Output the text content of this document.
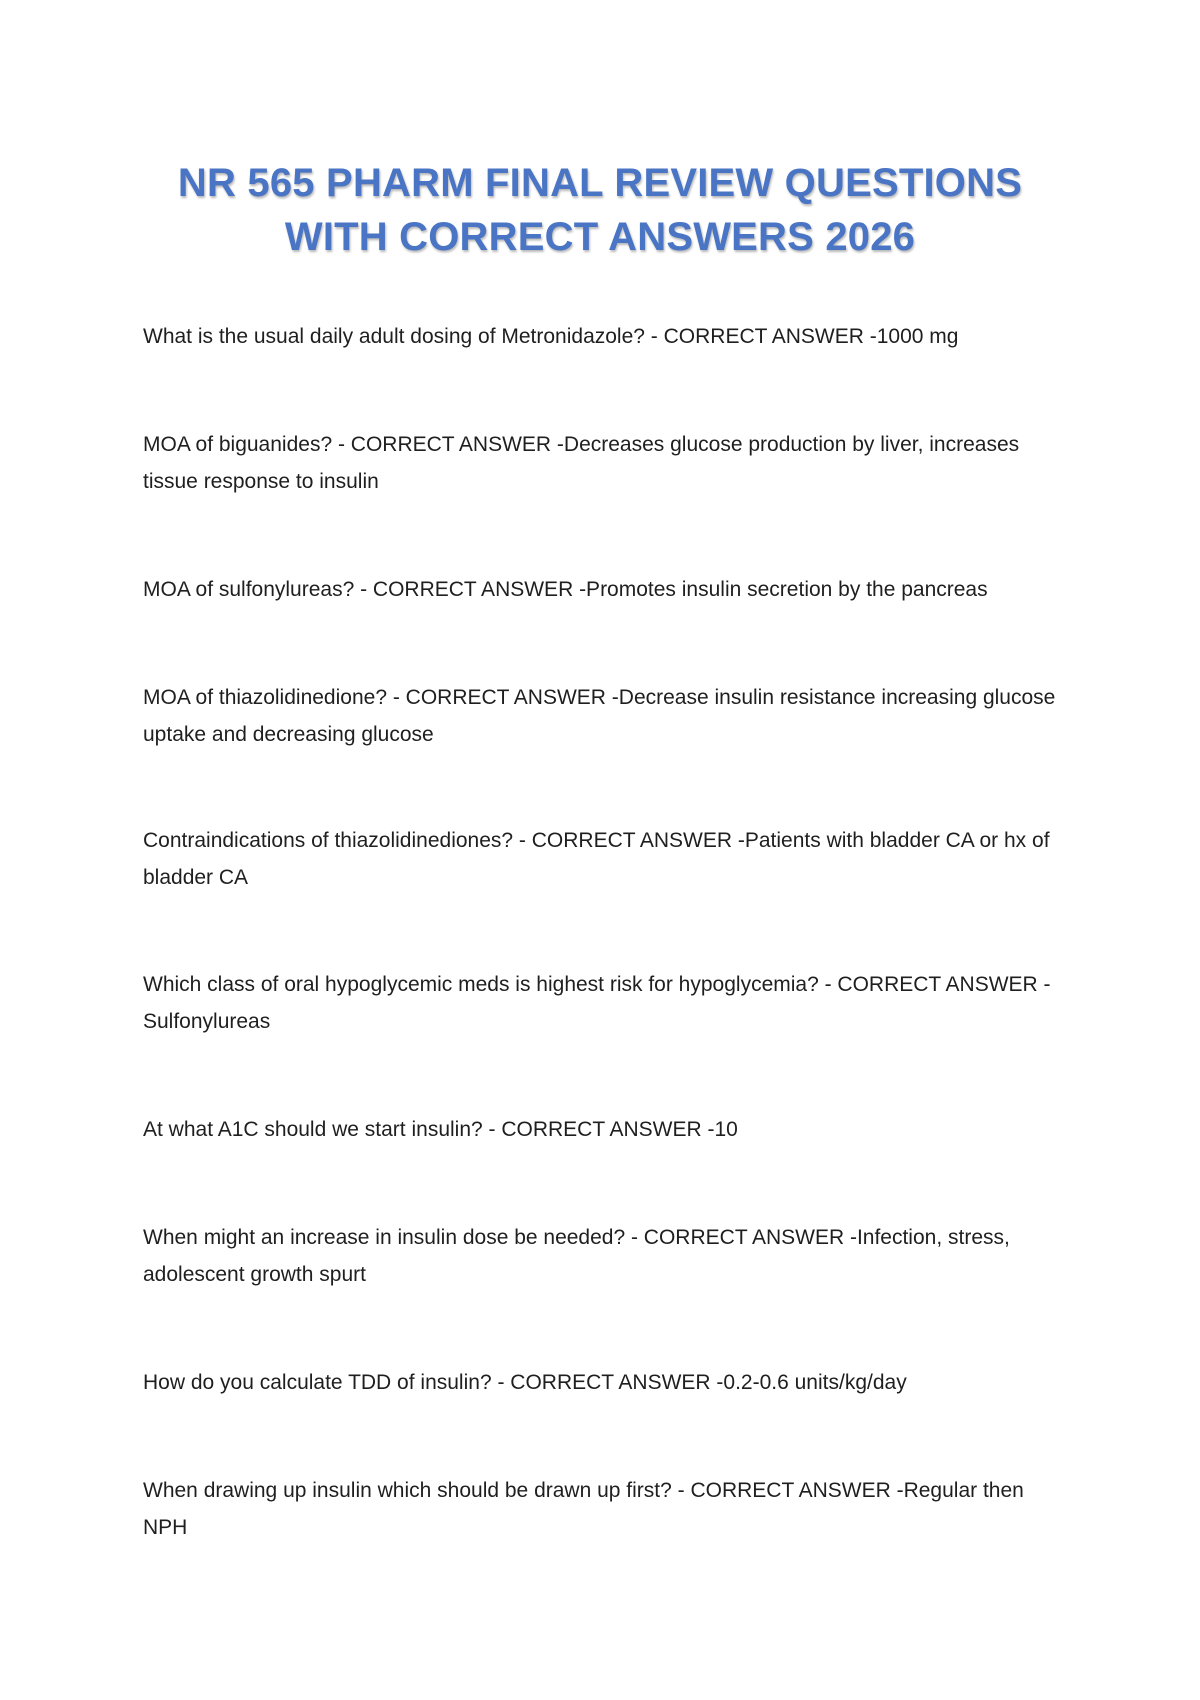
NR 565 PHARM FINAL REVIEW QUESTIONS
WITH CORRECT ANSWERS 2026

What is the usual daily adult dosing of Metronidazole? - CORRECT ANSWER -1000 mg

MOA of biguanides? - CORRECT ANSWER -Decreases glucose production by liver, increases tissue response to insulin

MOA of sulfonylureas? - CORRECT ANSWER -Promotes insulin secretion by the pancreas

MOA of thiazolidinedione? - CORRECT ANSWER -Decrease insulin resistance increasing glucose uptake and decreasing glucose

Contraindications of thiazolidinediones? - CORRECT ANSWER -Patients with bladder CA or hx of bladder CA

Which class of oral hypoglycemic meds is highest risk for hypoglycemia? - CORRECT ANSWER - Sulfonylureas

At what A1C should we start insulin? - CORRECT ANSWER -10

When might an increase in insulin dose be needed? - CORRECT ANSWER -Infection, stress, adolescent growth spurt

How do you calculate TDD of insulin? - CORRECT ANSWER -0.2-0.6 units/kg/day

When drawing up insulin which should be drawn up first? - CORRECT ANSWER -Regular then NPH
